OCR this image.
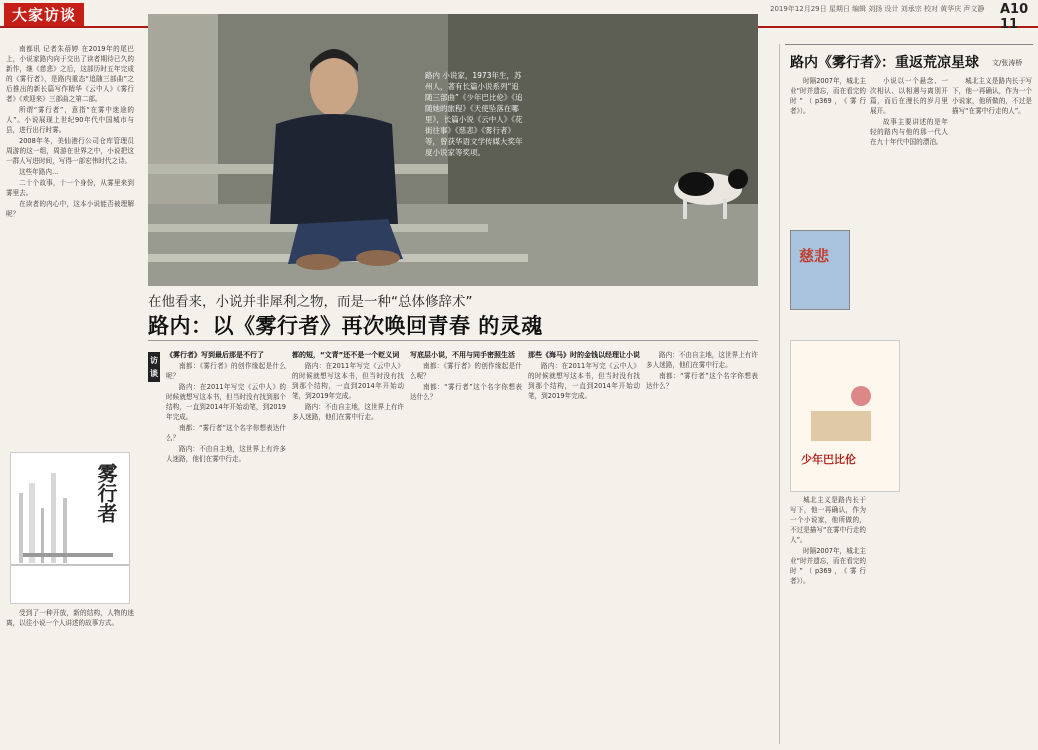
大家访谈	2019年12月29日 星期日 编辑 刘扬 设计 刘承宗 校对 黄华庆 声文静 A10 11

南都讯 记者朱蓓婷 在2019年的尾巴上，小说家路内向于交出了读者期待已久的新作，继《慈悲》之后，这部历时五年完成的《雾行者》，是路内重态“追随三部曲”之后推出的新长篇写作精华《云中人》《雾行者》《欢迎来》三部曲之第二部。

所谓“雾行者”，意指“在雾中迷途的人”。小说展现上世纪90年代中国城市与县，进行出行时雾。

2008年冬，美仙港行公司仓库管理员周游的这一组，周游在世界之中，小说把这一群人写进时间，写得一部宏伟时代之诗。

这些年路内...

二十个故事，十一个身份，从雾里来到雾里去。

在读者的内心中，这本小说能否被理解呢？

雾行者

受到了一种开放，新的结构，人物的迷离，以往小说一个人讲述的故事方式。

路内 小说家，1973年生，苏州人，著有长篇小说系列“追随三部曲”《少年巴比伦》《追随她的旅程》《天使坠落在哪里》，长篇小说《云中人》《花街往事》《慈悲》《雾行者》等，曾获华语文学传媒大奖年度小说家等奖项。
在他看来，小说并非犀利之物，而是一种“总体修辞术”
路内：以《雾行者》再次唤回青春 的灵魂
访谈

《雾行者》写到最后那是不行了

南都：《雾行者》的创作缘起是什么呢？

路内：在2011年写完《云中人》的时候就想写这本书，但当时没有找到那个结构，一直到2014年开始动笔，到2019年完成。

南都：“雾行者”这个名字你想表达什么？

路内：不由自主地，这世界上有许多人迷路，他们在雾中行走。

都的短，“文青”还不是一个贬义词

路内：在2011年写完《云中人》的时候就想写这本书，但当时没有找到那个结构，一直到2014年开始动笔，到2019年完成。

路内：不由自主地，这世界上有许多人迷路，他们在雾中行走。

写底层小说，不用与同手密照生活

南都：《雾行者》的创作缘起是什么呢？

南都：“雾行者”这个名字你想表达什么？

那些《海马》时的金钱以经理让小说

路内：在2011年写完《云中人》的时候就想写这本书，但当时没有找到那个结构，一直到2014年开始动笔，到2019年完成。

路内：不由自主地，这世界上有许多人迷路，他们在雾中行走。

南都：“雾行者”这个名字你想表达什么？

路内《雾行者》：重返荒凉星球 文/张涛桥

时隔2007年，城北主业“时并遗忘，而在看完的时”（p369，《雾行者》）。

小说以一个悬念、一次相认、以相遇与离别开篇，而后在漫长的岁月里展开。

故事主要讲述的是年轻的路内与他的那一代人在九十年代中国的漂泊。

城北主义是路内长于写下，他一再确认，作为一个小说家，他所做的，不过是描写“在雾中行走的人”。

慈悲
少年巴比伦

城北主义是路内长于写下，他一再确认，作为一个小说家，他所做的，不过是描写“在雾中行走的人”。

时隔2007年，城北主业“时并遗忘，而在看完的时”（p369，《雾行者》）。
